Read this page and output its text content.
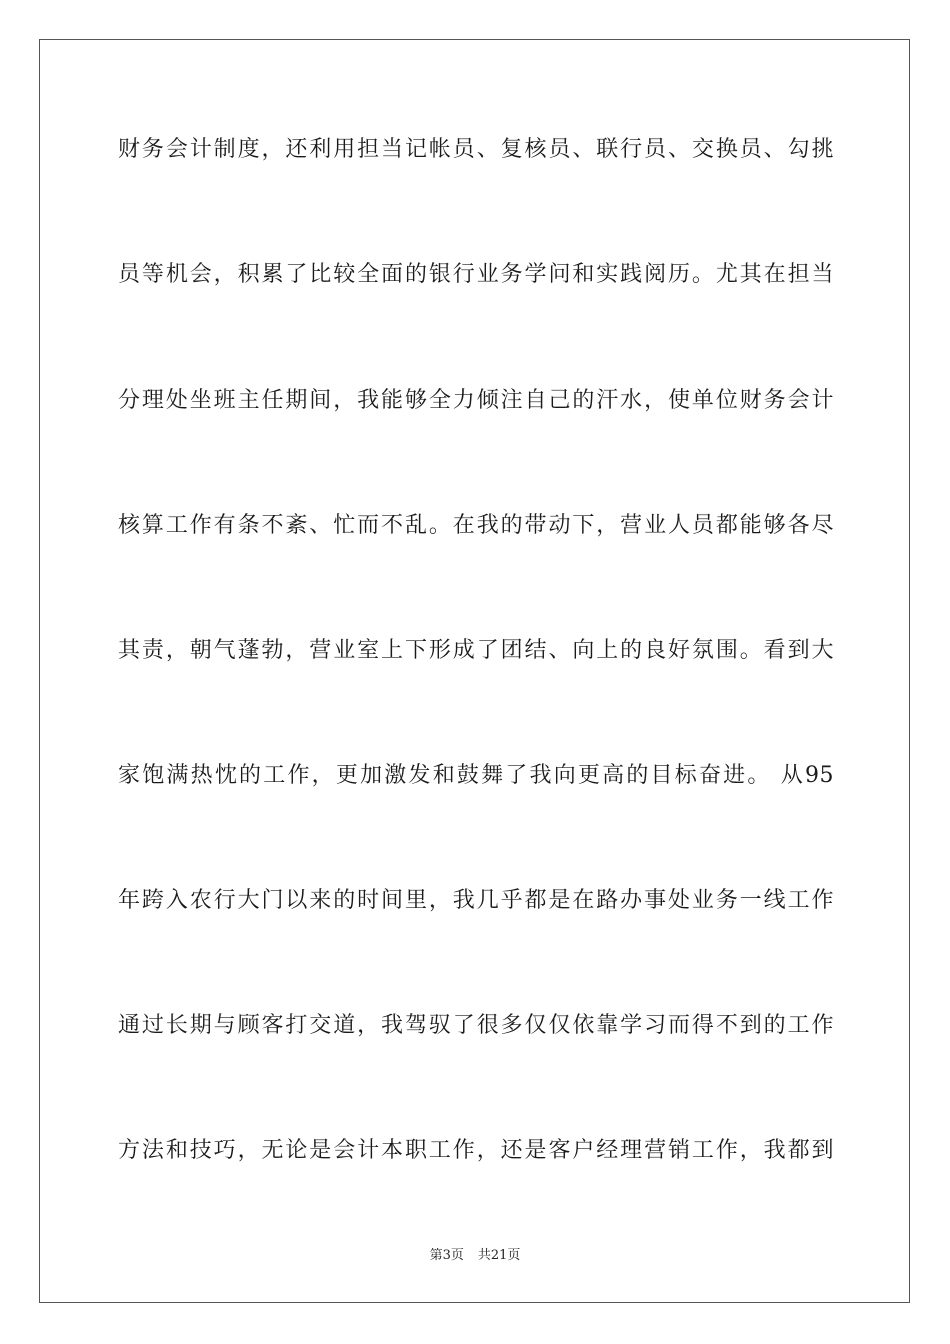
财务会计制度，还利用担当记帐员、复核员、联行员、交换员、勾挑
员等机会，积累了比较全面的银行业务学问和实践阅历。尤其在担当
分理处坐班主任期间，我能够全力倾注自己的汗水，使单位财务会计
核算工作有条不紊、忙而不乱。在我的带动下，营业人员都能够各尽
其责，朝气蓬勃，营业室上下形成了团结、向上的良好氛围。看到大
家饱满热忱的工作，更加激发和鼓舞了我向更高的目标奋进。 从95
年跨入农行大门以来的时间里，我几乎都是在路办事处业务一线工作
通过长期与顾客打交道，我驾驭了很多仅仅依靠学习而得不到的工作
方法和技巧，无论是会计本职工作，还是客户经理营销工作，我都到
第3页 共21页
